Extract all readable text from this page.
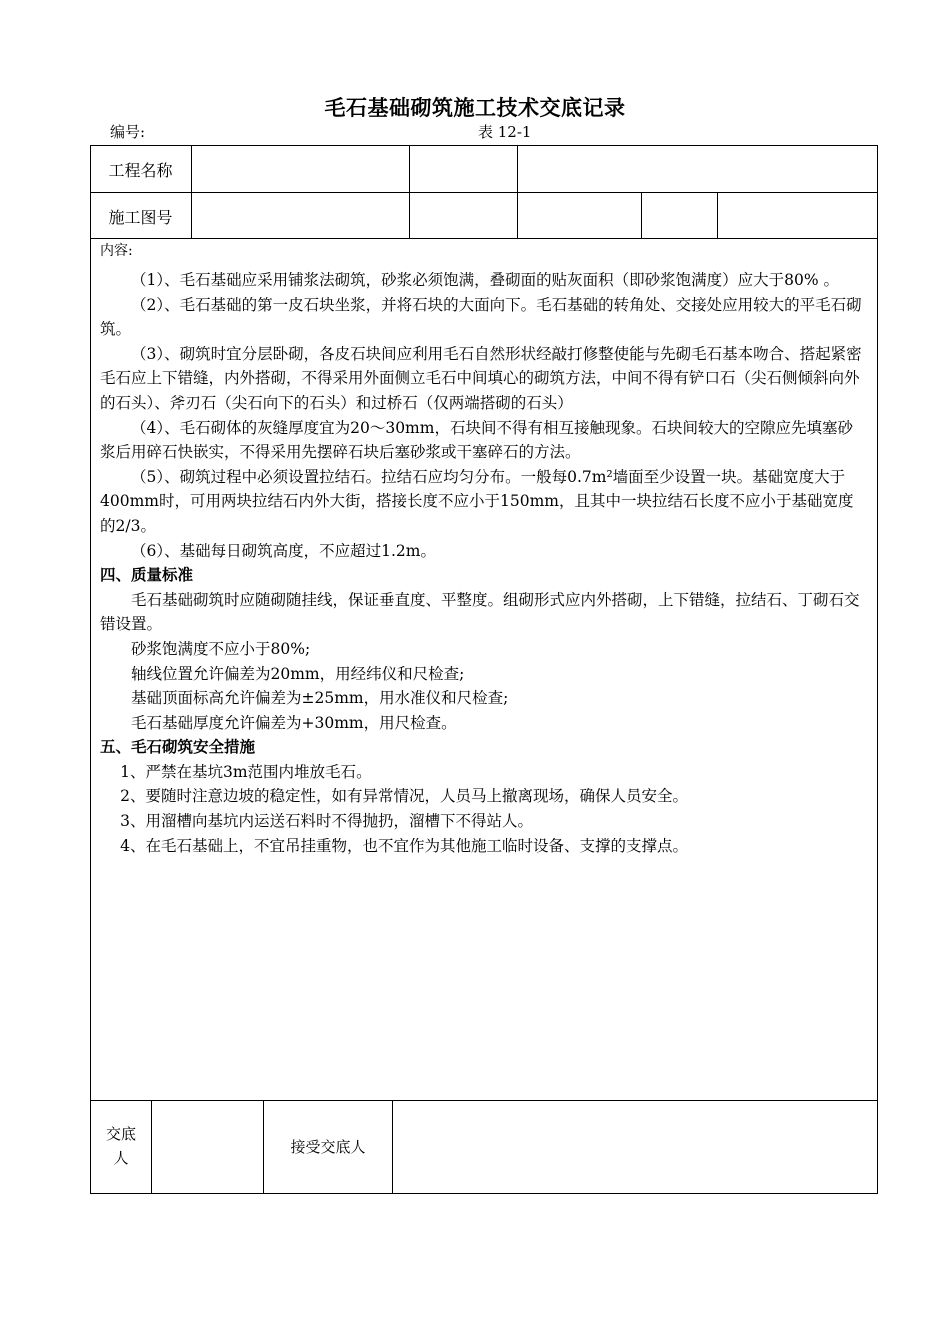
毛石基础砌筑施工技术交底记录
编号:	表 12-1
工程名称
施工图号

内容:

（1）、毛石基础应采用铺浆法砌筑，砂浆必须饱满，叠砌面的贴灰面积（即砂浆饱满度）应大于80% 。

（2）、毛石基础的第一皮石块坐浆，并将石块的大面向下。毛石基础的转角处、交接处应用较大的平毛石砌筑。

（3）、砌筑时宜分层卧砌，各皮石块间应利用毛石自然形状经敲打修整使能与先砌毛石基本吻合、搭起紧密毛石应上下错缝，内外搭砌，不得采用外面侧立毛石中间填心的砌筑方法，中间不得有铲口石（尖石侧倾斜向外的石头）、斧刃石（尖石向下的石头）和过桥石（仅两端搭砌的石头）

（4）、毛石砌体的灰缝厚度宜为20～30mm，石块间不得有相互接触现象。石块间较大的空隙应先填塞砂浆后用碎石快嵌实，不得采用先摆碎石块后塞砂浆或干塞碎石的方法。

（5）、砌筑过程中必须设置拉结石。拉结石应均匀分布。一般每0.7m²墙面至少设置一块。基础宽度大于400mm时，可用两块拉结石内外大街，搭接长度不应小于150mm，且其中一块拉结石长度不应小于基础宽度的2/3。

（6）、基础每日砌筑高度，不应超过1.2m。

四、质量标准

毛石基础砌筑时应随砌随挂线，保证垂直度、平整度。组砌形式应内外搭砌，上下错缝，拉结石、丁砌石交错设置。

砂浆饱满度不应小于80%;

轴线位置允许偏差为20mm，用经纬仪和尺检查;

基础顶面标高允许偏差为±25mm，用水准仪和尺检查;

毛石基础厚度允许偏差为+30mm，用尺检查。

五、毛石砌筑安全措施

1、严禁在基坑3m范围内堆放毛石。

2、要随时注意边坡的稳定性，如有异常情况，人员马上撤离现场，确保人员安全。

3、用溜槽向基坑内运送石料时不得抛扔，溜槽下不得站人。

4、在毛石基础上，不宜吊挂重物，也不宜作为其他施工临时设备、支撑的支撑点。

交底人
接受交底人
